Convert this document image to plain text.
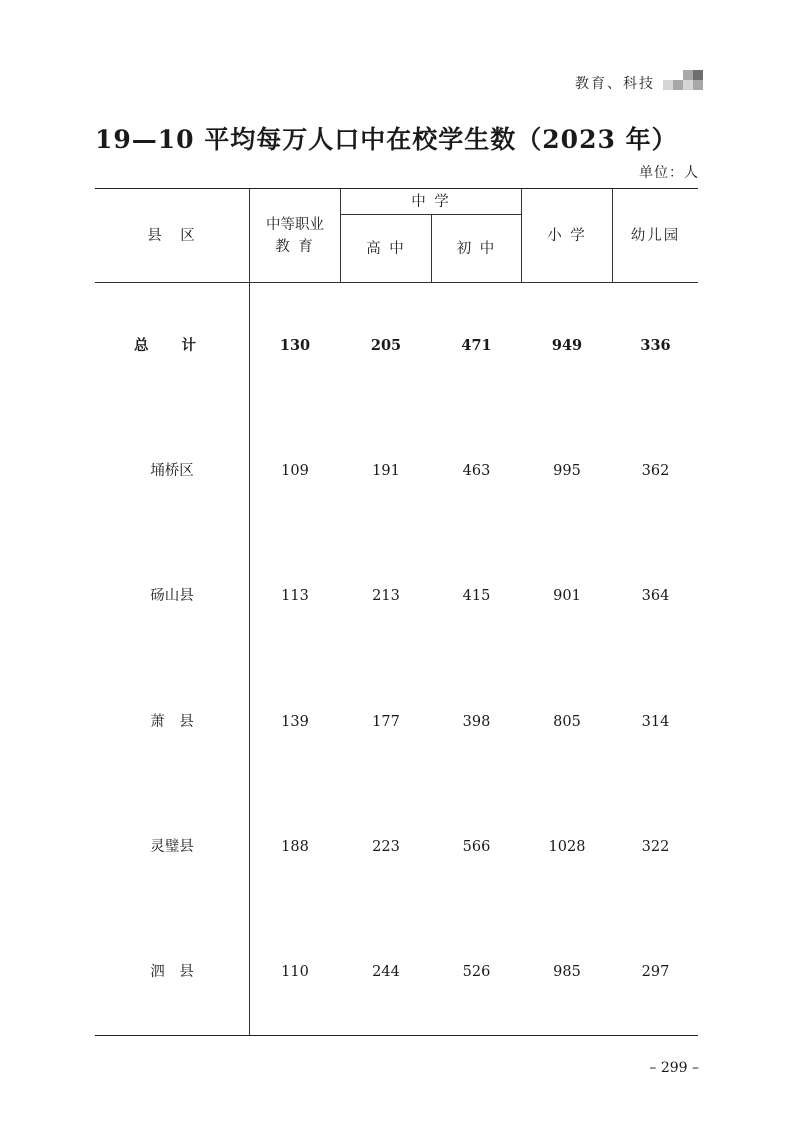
教育、科技
19—10 平均每万人口中在校学生数（2023 年）
单位：人
县　区
中等职业
教 育
中 学
高 中	初 中
小 学	幼儿园
总 计	130	205	471	949	336
埇桥区	109	191	463	995	362
砀山县	113	213	415	901	364
萧　县	139	177	398	805	314
灵璧县	188	223	566	1028	322
泗　县	110	244	526	985	297
– 299 –
